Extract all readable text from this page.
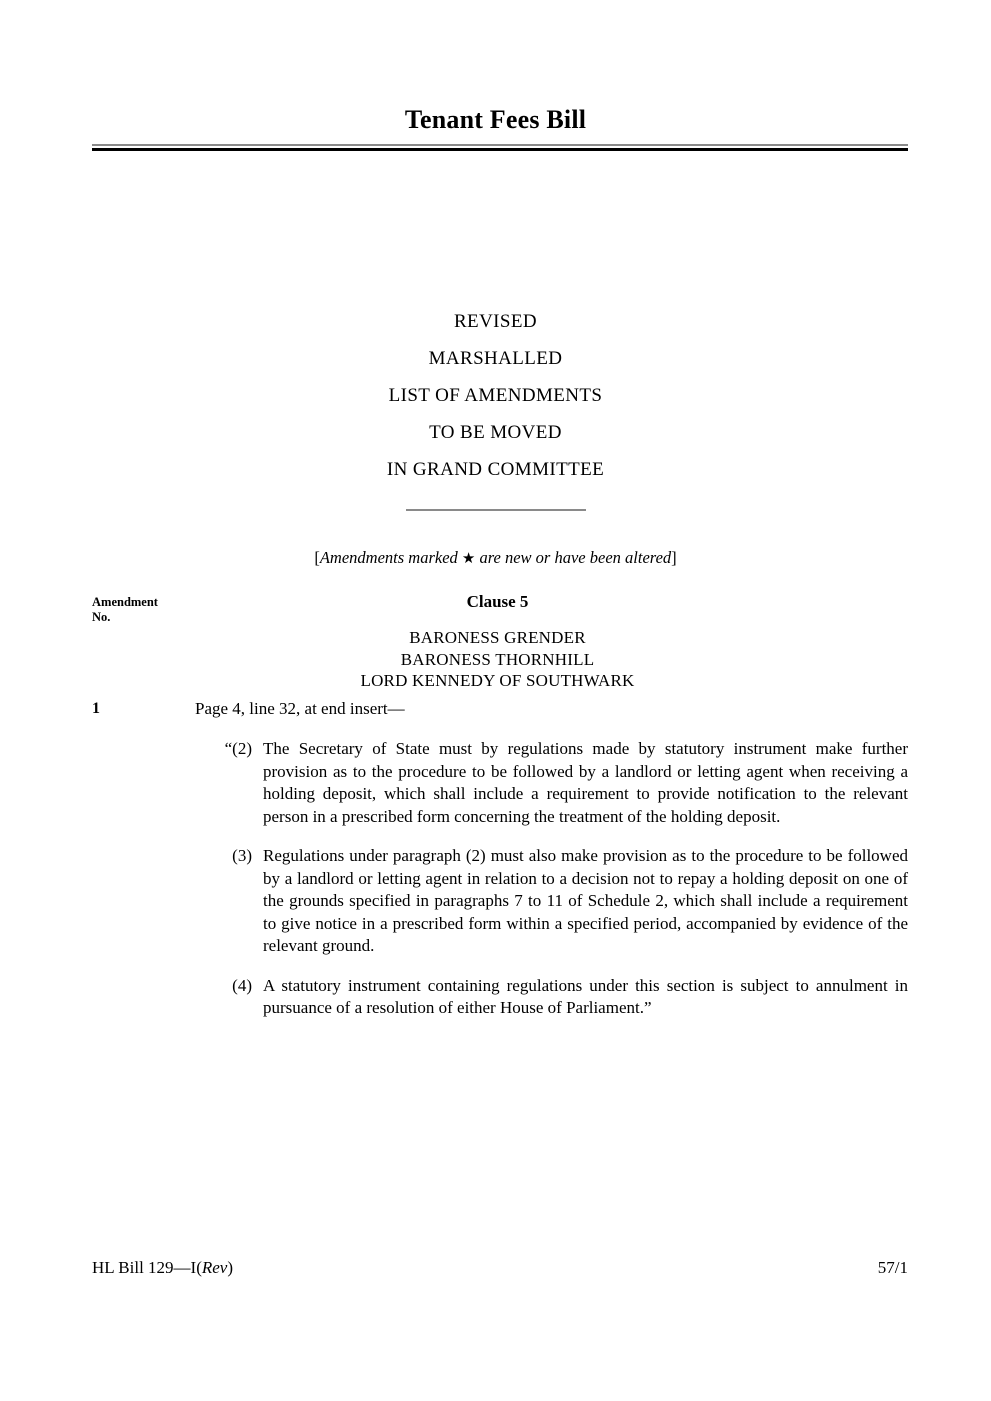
Tenant Fees Bill
REVISED
MARSHALLED
LIST OF AMENDMENTS
TO BE MOVED
IN GRAND COMMITTEE
[Amendments marked ★ are new or have been altered]
Amendment
No.
Clause 5
BARONESS GRENDER
BARONESS THORNHILL
LORD KENNEDY OF SOUTHWARK
1	Page 4, line 32, at end insert—
“(2) The Secretary of State must by regulations made by statutory instrument make further provision as to the procedure to be followed by a landlord or letting agent when receiving a holding deposit, which shall include a requirement to provide notification to the relevant person in a prescribed form concerning the treatment of the holding deposit.
(3) Regulations under paragraph (2) must also make provision as to the procedure to be followed by a landlord or letting agent in relation to a decision not to repay a holding deposit on one of the grounds specified in paragraphs 7 to 11 of Schedule 2, which shall include a requirement to give notice in a prescribed form within a specified period, accompanied by evidence of the relevant ground.
(4) A statutory instrument containing regulations under this section is subject to annulment in pursuance of a resolution of either House of Parliament.”
HL Bill 129—I(Rev)	57/1
